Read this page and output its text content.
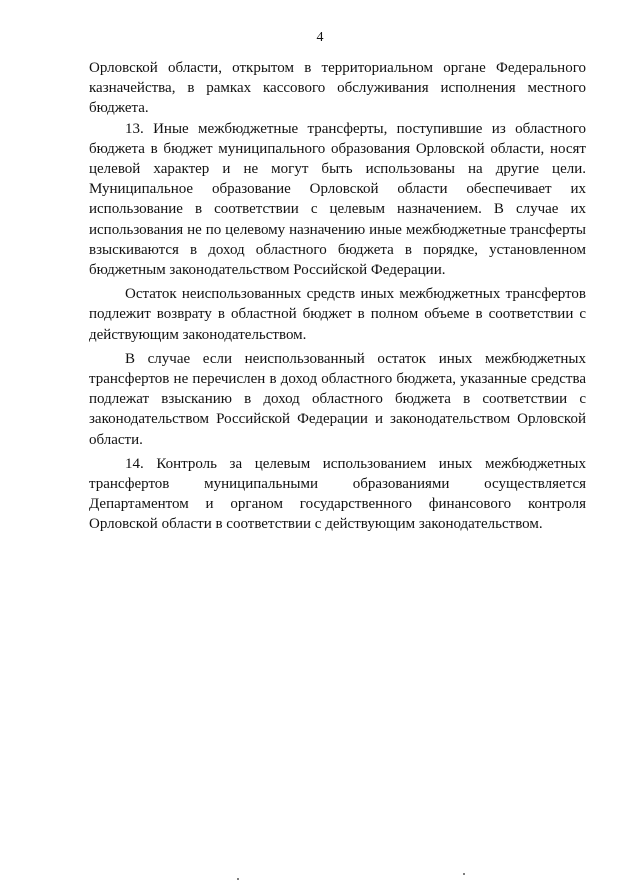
4

Орловской области, открытом в территориальном органе Федерального казначейства, в рамках кассового обслуживания исполнения местного бюджета.

13. Иные межбюджетные трансферты, поступившие из областного бюджета в бюджет муниципального образования Орловской области, носят целевой характер и не могут быть использованы на другие цели. Муниципальное образование Орловской области обеспечивает их использование в соответствии с целевым назначением. В случае их использования не по целевому назначению иные межбюджетные трансферты взыскиваются в доход областного бюджета в порядке, установленном бюджетным законодательством Российской Федерации.

Остаток неиспользованных средств иных межбюджетных трансфертов подлежит возврату в областной бюджет в полном объеме в соответствии с действующим законодательством.

В случае если неиспользованный остаток иных межбюджетных трансфертов не перечислен в доход областного бюджета, указанные средства подлежат взысканию в доход областного бюджета в соответствии с законодательством Российской Федерации и законодательством Орловской области.

14. Контроль за целевым использованием иных межбюджетных трансфертов муниципальными образованиями осуществляется Департаментом и органом государственного финансового контроля Орловской области в соответствии с действующим законодательством.
